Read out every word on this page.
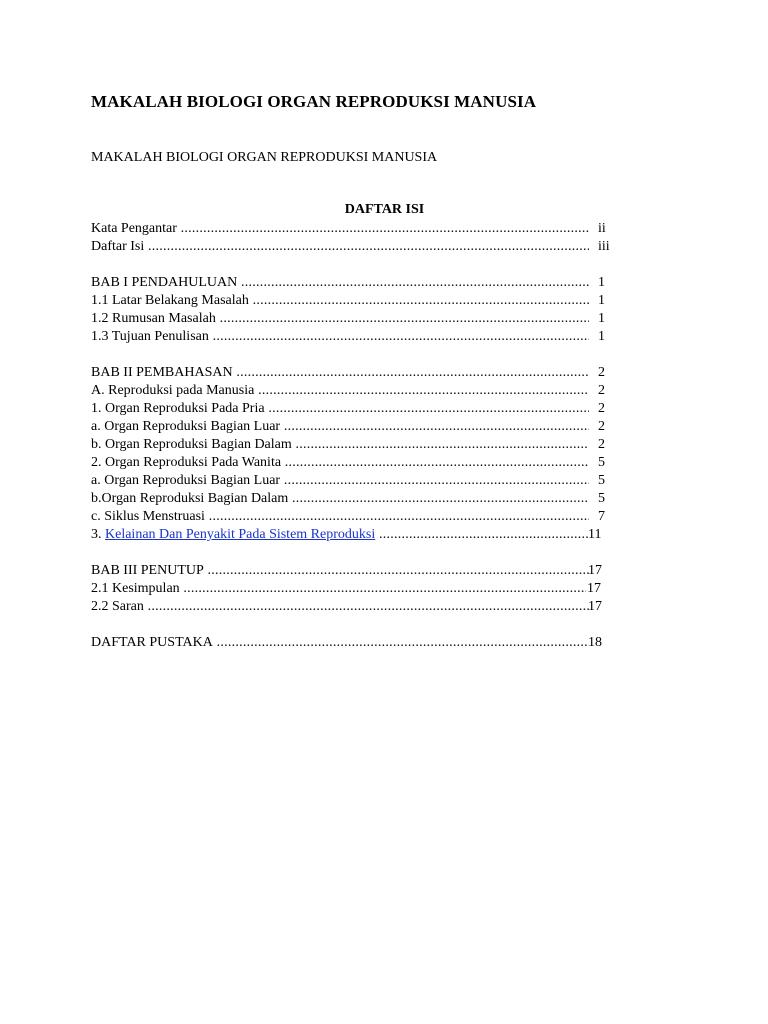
MAKALAH BIOLOGI ORGAN REPRODUKSI MANUSIA

MAKALAH BIOLOGI ORGAN REPRODUKSI MANUSIA

DAFTAR ISI
Kata Pengantar .....	ii
Daftar Isi .....	iii
BAB I PENDAHULUAN .....	1
1.1 Latar Belakang Masalah .....	1
1.2 Rumusan Masalah .....	1
1.3 Tujuan Penulisan .....	1
BAB II PEMBAHASAN .....	2
A. Reproduksi pada Manusia .....	2
1. Organ Reproduksi Pada Pria .....	2
a. Organ Reproduksi Bagian Luar .....	2
b. Organ Reproduksi Bagian Dalam .....	2
2. Organ Reproduksi Pada Wanita .....	5
a. Organ Reproduksi Bagian Luar .....	5
b.Organ Reproduksi Bagian Dalam .....	5
c. Siklus Menstruasi .....	7
3. Kelainan Dan Penyakit Pada Sistem Reproduksi .....	11
BAB III PENUTUP .....	17
2.1 Kesimpulan .....	17
2.2 Saran .....	17
DAFTAR PUSTAKA .....	18
